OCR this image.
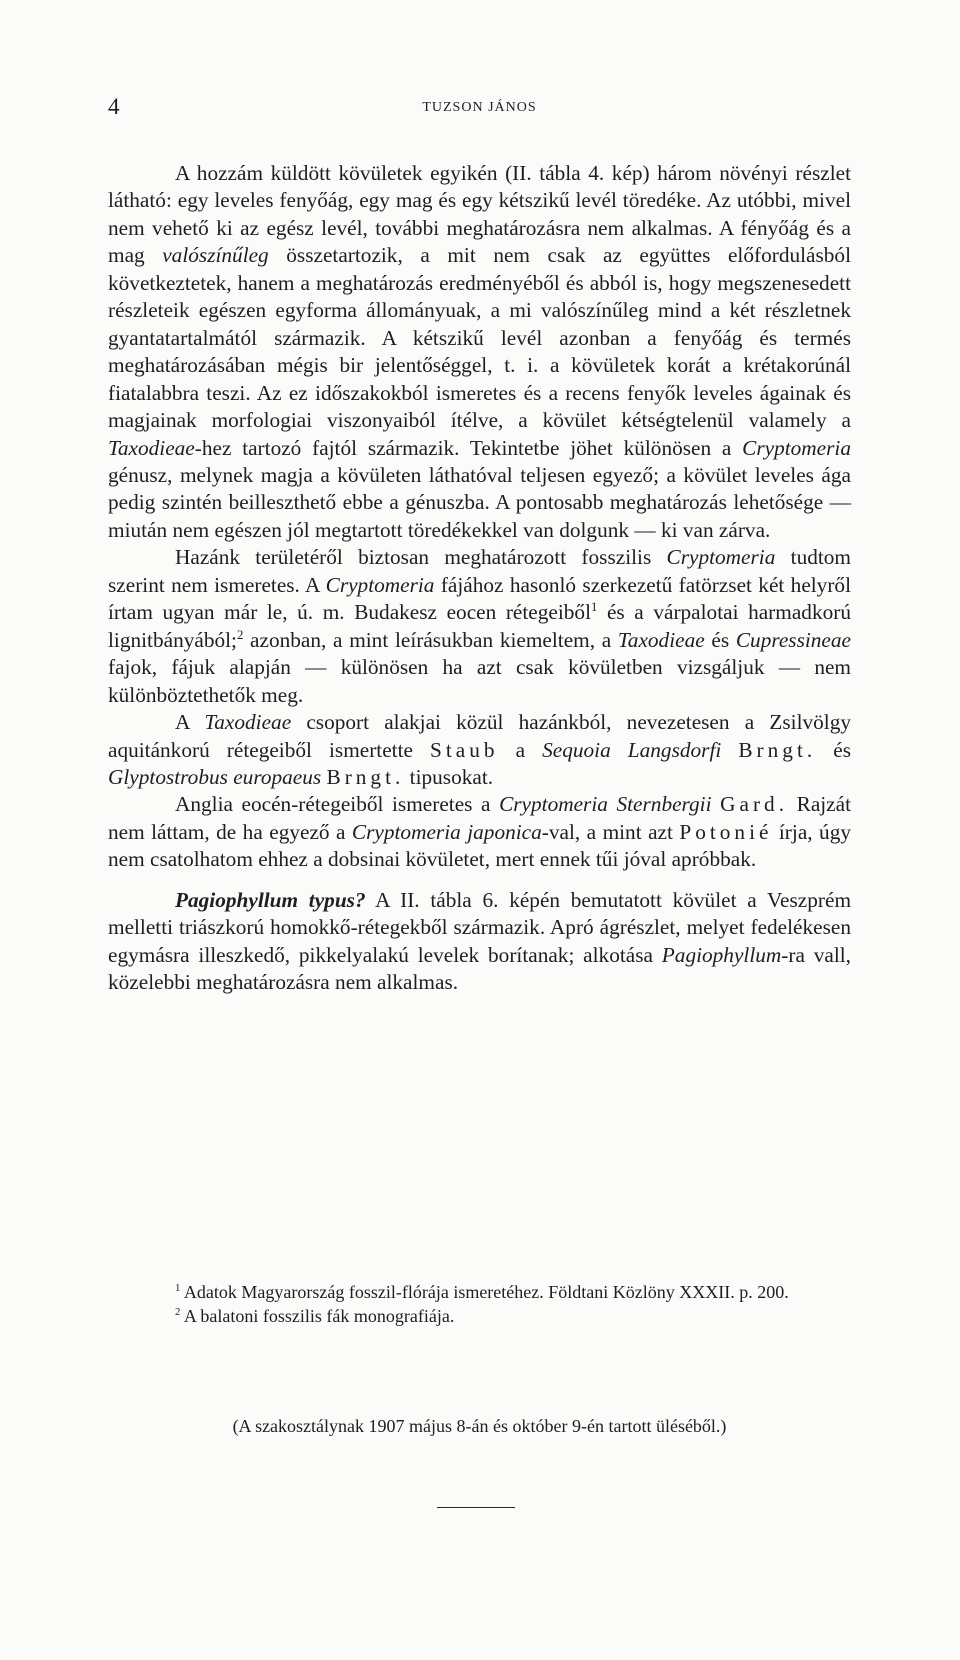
4	TUZSON JÁNOS

A hozzám küldött kövületek egyikén (II. tábla 4. kép) három növényi részlet látható: egy leveles fenyőág, egy mag és egy kétszikű levél töredéke. Az utóbbi, mivel nem vehető ki az egész levél, további meghatározásra nem alkalmas. A fényőág és a mag valószínűleg összetartozik, a mit nem csak az együttes előfordulásból következtetek, hanem a meghatározás eredményéből és abból is, hogy megszenesedett részleteik egészen egyforma állományuak, a mi valószínűleg mind a két részletnek gyantatartalmától származik. A kétszikű levél azonban a fenyőág és termés meghatározásában mégis bir jelentőséggel, t. i. a kövületek korát a krétakorúnál fiatalabbra teszi. Az ez időszakokból ismeretes és a recens fenyők leveles ágainak és magjainak morfologiai viszonyaiból ítélve, a kövület kétségtelenül valamely a Taxodieae-hez tartozó fajtól származik. Tekintetbe jöhet különösen a Cryptomeria génusz, melynek magja a kövületen láthatóval teljesen egyező; a kövület leveles ága pedig szintén beilleszthető ebbe a génuszba. A pontosabb meghatározás lehetősége — miután nem egészen jól megtartott töredékekkel van dolgunk — ki van zárva.

Hazánk területéről biztosan meghatározott fosszilis Cryptomeria tudtom szerint nem ismeretes. A Cryptomeria fájához hasonló szerkezetű fatörzset két helyről írtam ugyan már le, ú. m. Budakesz eocen rétegeiből$^1$ és a várpalotai harmadkorú lignitbányából;$^2$ azonban, a mint leírásukban kiemeltem, a Taxodieae és Cupressineae fajok, fájuk alapján — különösen ha azt csak kövületben vizsgáljuk — nem különböztethetők meg.

A Taxodieae csoport alakjai közül hazánkból, nevezetesen a Zsilvölgy aquitánkorú rétegeiből ismertette Staub a Sequoia Langsdorfi Brngt. és Glyptostrobus europaeus Brngt. tipusokat.

Anglia eocén-rétegeiből ismeretes a Cryptomeria Sternbergii Gard. Rajzát nem láttam, de ha egyező a Cryptomeria japonica-val, a mint azt Potonié írja, úgy nem csatolhatom ehhez a dobsinai kövületet, mert ennek tűi jóval apróbbak.

Pagiophyllum typus? A II. tábla 6. képén bemutatott kövület a Veszprém melletti triászkorú homokkő-rétegekből származik. Apró ágrészlet, melyet fedelékesen egymásra illeszkedő, pikkelyalakú levelek borítanak; alkotása Pagiophyllum-ra vall, közelebbi meghatározásra nem alkalmas.

$^1$ Adatok Magyarország fosszil-flórája ismeretéhez. Földtani Közlöny XXXII. p. 200.

$^2$ A balatoni fosszilis fák monografiája.

(A szakosztálynak 1907 május 8-án és október 9-én tartott üléséből.)
